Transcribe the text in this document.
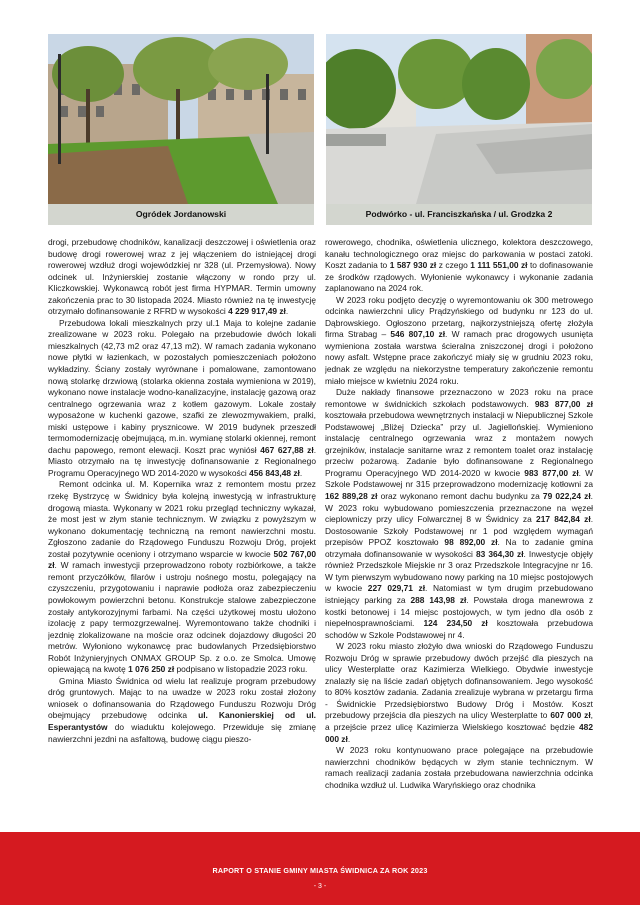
Ogródek Jordanowski	Podwórko - ul. Franciszkańska / ul. Grodzka 2

drogi, przebudowę chodników, kanalizacji deszczowej i oświetlenia oraz budowę drogi rowerowej wraz z jej włączeniem do istniejącej drogi rowerowej wzdłuż drogi wojewódzkiej nr 328 (ul. Przemysłowa). Nowy odcinek ul. Inżynierskiej zostanie włączony w rondo przy ul. Kliczkowskiej. Wykonawcą robót jest firma HYPMAR. Termin umowny zakończenia prac to 30 listopada 2024. Miasto również na tę inwestycję otrzymało dofinansowanie z RFRD w wysokości 4 229 917,49 zł.

Przebudowa lokali mieszkalnych przy ul.1 Maja to kolejne zadanie zrealizowane w 2023 roku. Polegało na przebudowie dwóch lokali mieszkalnych (42,73 m2 oraz 47,13 m2). W ramach zadania wykonano nowe płytki w łazienkach, w pozostałych pomieszczeniach położono wykładziny. Ściany zostały wyrównane i pomalowane, zamontowano nową stolarkę drzwiową (stolarka okienna została wymieniona w 2019), wykonano nowe instalacje wodno-kanalizacyjne, instalację gazową oraz centralnego ogrzewania wraz z kotłem gazowym. Lokale zostały wyposażone w kuchenki gazowe, szafki ze zlewozmywakiem, pralki, miski ustępowe i kabiny prysznicowe. W 2019 budynek przeszedł termomodernizację obejmującą, m.in. wymianę stolarki okiennej, remont dachu papowego, remont elewacji. Koszt prac wyniósł 467 627,88 zł. Miasto otrzymało na tę inwestycję dofinansowanie z Regionalnego Programu Operacyjnego WD 2014-2020 w wysokości 456 843,48 zł.

Remont odcinka ul. M. Kopernika wraz z remontem mostu przez rzekę Bystrzycę w Świdnicy była kolejną inwestycją w infrastrukturę drogową miasta. Wykonany w 2021 roku przegląd techniczny wykazał, że most jest w złym stanie technicznym. W związku z powyższym w wykonano dokumentację techniczną na remont nawierzchni mostu. Zgłoszono zadanie do Rządowego Funduszu Rozwoju Dróg, projekt został pozytywnie oceniony i otrzymano wsparcie w kwocie 502 767,00 zł. W ramach inwestycji przeprowadzono roboty rozbiórkowe, a także remont przyczółków, filarów i ustroju nośnego mostu, polegający na czyszczeniu, przygotowaniu i naprawie podłoża oraz zabezpieczeniu powłokowym powierzchni betonu. Konstrukcje stalowe zabezpieczone zostały antykorozyjnymi farbami. Na części użytkowej mostu ułożono izolację z papy termozgrzewalnej. Wyremontowano także chodniki i jezdnię zlokalizowane na moście oraz odcinek dojazdowy długości 20 metrów. Wyłoniono wykonawcę prac budowlanych Przedsiębiorstwo Robót Inżynieryjnych ONMAX GROUP Sp. z o.o. ze Smolca. Umowę opiewającą na kwotę 1 076 250 zł podpisano w listopadzie 2023 roku.

Gmina Miasto Świdnica od wielu lat realizuje program przebudowy dróg gruntowych. Mając to na uwadze w 2023 roku został złożony wniosek o dofinansowania do Rządowego Funduszu Rozwoju Dróg obejmujący przebudowę odcinka ul. Kanonierskiej od ul. Esperantystów do wiaduktu kolejowego. Przewiduje się zmianę nawierzchni jezdni na asfaltową, budowę ciągu pieszo-

rowerowego, chodnika, oświetlenia ulicznego, kolektora deszczowego, kanału technologicznego oraz miejsc do parkowania w postaci zatoki. Koszt zadania to 1 587 930 zł z czego 1 111 551,00 zł to dofinasowanie ze środków rządowych. Wyłonienie wykonawcy i wykonanie zadania zaplanowano na 2024 rok.

W 2023 roku podjęto decyzję o wyremontowaniu ok 300 metrowego odcinka nawierzchni ulicy Prądzyńskiego od budynku nr 123 do ul. Dąbrowskiego. Ogłoszono przetarg, najkorzystniejszą ofertę złożyła firma Strabag – 546 807,10 zł. W ramach prac drogowych usunięta wymieniona została warstwa ścieralna zniszczonej drogi i położono nowy asfalt. Wstępne prace zakończyć miały się w grudniu 2023 roku, jednak ze względu na niekorzystne temperatury zakończenie remontu miało miejsce w kwietniu 2024 roku.

Duże nakłady finansowe przeznaczono w 2023 roku na prace remontowe w świdnickich szkołach podstawowych. 983 877,00 zł kosztowała przebudowa wewnętrznych instalacji w Niepublicznej Szkole Podstawowej „Bliżej Dziecka” przy ul. Jagiellońskiej. Wymieniono instalację centralnego ogrzewania wraz z montażem nowych grzejników, instalacje sanitarne wraz z remontem toalet oraz instalację przeciw pożarową. Zadanie było dofinansowane z Regionalnego Programu Operacyjnego WD 2014-2020 w kwocie 983 877,00 zł. W Szkole Podstawowej nr 315 przeprowadzono modernizację kotłowni za 162 889,28 zł oraz wykonano remont dachu budynku za 79 022,24 zł. W 2023 roku wybudowano pomieszczenia przeznaczone na węzeł cieplowniczy przy ulicy Folwarcznej 8 w Świdnicy za 217 842,84 zł. Dostosowanie Szkoły Podstawowej nr 1 pod względem wymagań przepisów PPOŻ kosztowało 98 892,00 zł. Na to zadanie gmina otrzymała dofinansowanie w wysokości 83 364,30 zł. Inwestycje objęły również Przedszkole Miejskie nr 3 oraz Przedszkole Integracyjne nr 16. W tym pierwszym wybudowano nowy parking na 10 miejsc postojowych w kwocie 227 029,71 zł. Natomiast w tym drugim przebudowano istniejący parking za 288 143,98 zł. Powstała droga manewrowa z kostki betonowej i 14 miejsc postojowych, w tym jedno dla osób z niepełnosprawnościami. 124 234,50 zł kosztowała przebudowa schodów w Szkole Podstawowej nr 4.

W 2023 roku miasto złożyło dwa wnioski do Rządowego Funduszu Rozwoju Dróg w sprawie przebudowy dwóch przejść dla pieszych na ulicy Westerplatte oraz Kazimierza Wielkiego. Obydwie inwestycje znalazły się na liście zadań objętych dofinansowaniem. Jego wysokość to 80% kosztów zadania. Zadania zrealizuje wybrana w przetargu firma - Świdnickie Przedsiębiorstwo Budowy Dróg i Mostów. Koszt przebudowy przejścia dla pieszych na ulicy Westerplatte to 607 000 zł, a przejście przez ulicę Kazimierza Wielskiego kosztować będzie 482 000 zł.

W 2023 roku kontynuowano prace polegające na przebudowie nawierzchni chodników będących w złym stanie technicznym. W ramach realizacji zadania została przebudowana nawierzchnia odcinka chodnika wzdłuż ul. Ludwika Waryńskiego oraz chodnika

RAPORT O STANIE GMINY MIASTA ŚWIDNICA ZA ROK 2023
- 3 -
